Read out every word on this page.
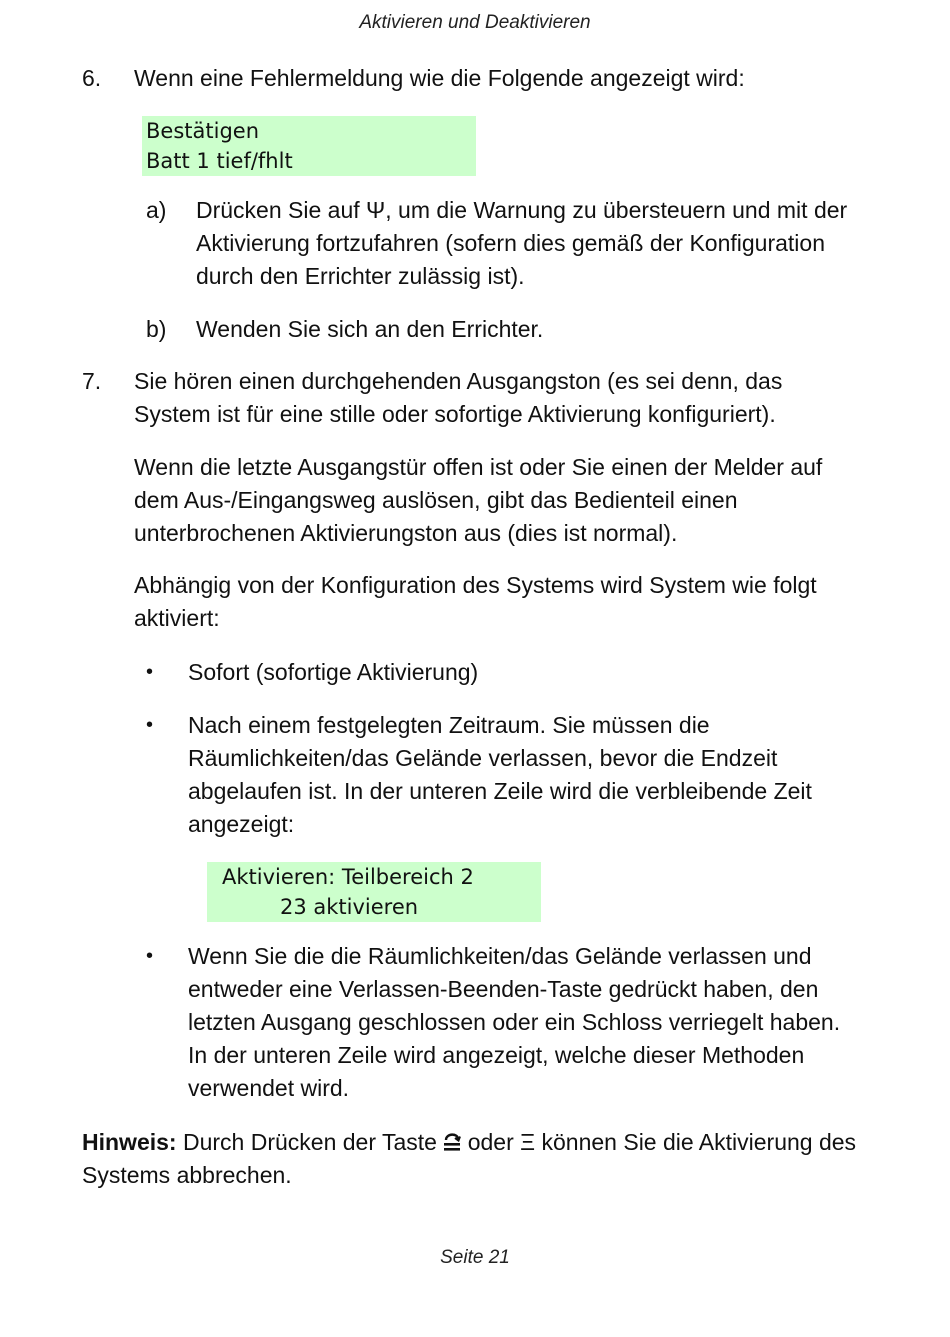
Aktivieren und Deaktivieren
6. Wenn eine Fehlermeldung wie die Folgende angezeigt wird:
Bestätigen
Batt 1 tief/fhlt
a) Drücken Sie auf Ψ, um die Warnung zu übersteuern und mit der Aktivierung fortzufahren (sofern dies gemäß der Konfiguration durch den Errichter zulässig ist).
b) Wenden Sie sich an den Errichter.
7. Sie hören einen durchgehenden Ausgangston (es sei denn, das System ist für eine stille oder sofortige Aktivierung konfiguriert).
Wenn die letzte Ausgangstür offen ist oder Sie einen der Melder auf dem Aus-/Eingangsweg auslösen, gibt das Bedienteil einen unterbrochenen Aktivierungston aus (dies ist normal).
Abhängig von der Konfiguration des Systems wird System wie folgt aktiviert:
• Sofort (sofortige Aktivierung)
• Nach einem festgelegten Zeitraum. Sie müssen die Räumlichkeiten/das Gelände verlassen, bevor die Endzeit abgelaufen ist. In der unteren Zeile wird die verbleibende Zeit angezeigt:
Aktivieren: Teilbereich 2
23 aktivieren
• Wenn Sie die die Räumlichkeiten/das Gelände verlassen und entweder eine Verlassen-Beenden-Taste gedrückt haben, den letzten Ausgang geschlossen oder ein Schloss verriegelt haben. In der unteren Zeile wird angezeigt, welche dieser Methoden verwendet wird.
Hinweis: Durch Drücken der Taste oder Ξ können Sie die Aktivierung des Systems abbrechen.
Seite 21
